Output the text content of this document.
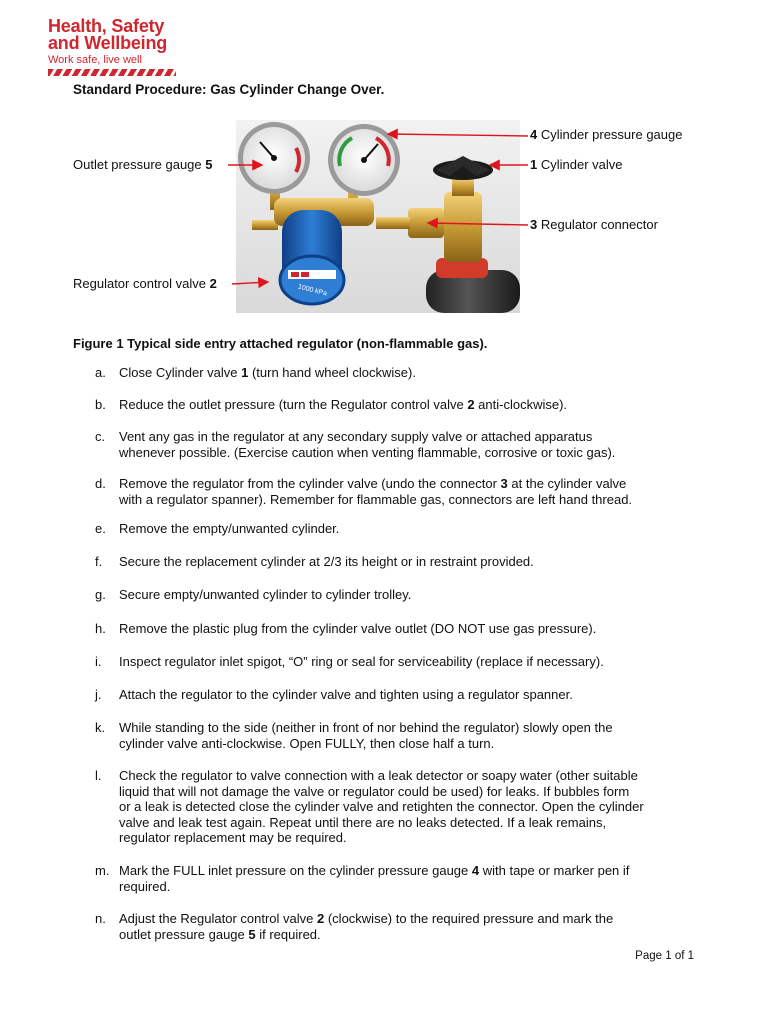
Health, Safety
and Wellbeing
Work safe, live well
Standard Procedure: Gas Cylinder Change Over.
1000 kPa
4 Cylinder pressure gauge
1 Cylinder valve
3 Regulator connector
Outlet pressure gauge 5
Regulator control valve 2
Figure 1 Typical side entry attached regulator (non-flammable gas).
a. Close Cylinder valve 1 (turn hand wheel clockwise).
b. Reduce the outlet pressure (turn the Regulator control valve 2 anti-clockwise).
c. Vent any gas in the regulator at any secondary supply valve or attached apparatus
whenever possible. (Exercise caution when venting flammable, corrosive or toxic gas).
d. Remove the regulator from the cylinder valve (undo the connector 3 at the cylinder valve
with a regulator spanner). Remember for flammable gas, connectors are left hand thread.
e. Remove the empty/unwanted cylinder.
f. Secure the replacement cylinder at 2/3 its height or in restraint provided.
g. Secure empty/unwanted cylinder to cylinder trolley.
h. Remove the plastic plug from the cylinder valve outlet (DO NOT use gas pressure).
i. Inspect regulator inlet spigot, “O” ring or seal for serviceability (replace if necessary).
j. Attach the regulator to the cylinder valve and tighten using a regulator spanner.
k. While standing to the side (neither in front of nor behind the regulator) slowly open the
cylinder valve anti-clockwise. Open FULLY, then close half a turn.
l. Check the regulator to valve connection with a leak detector or soapy water (other suitable
liquid that will not damage the valve or regulator could be used) for leaks. If bubbles form
or a leak is detected close the cylinder valve and retighten the connector. Open the cylinder
valve and leak test again. Repeat until there are no leaks detected. If a leak remains,
regulator replacement may be required.
m. Mark the FULL inlet pressure on the cylinder pressure gauge 4 with tape or marker pen if
required.
n. Adjust the Regulator control valve 2 (clockwise) to the required pressure and mark the
outlet pressure gauge 5 if required.
Page 1 of 1
